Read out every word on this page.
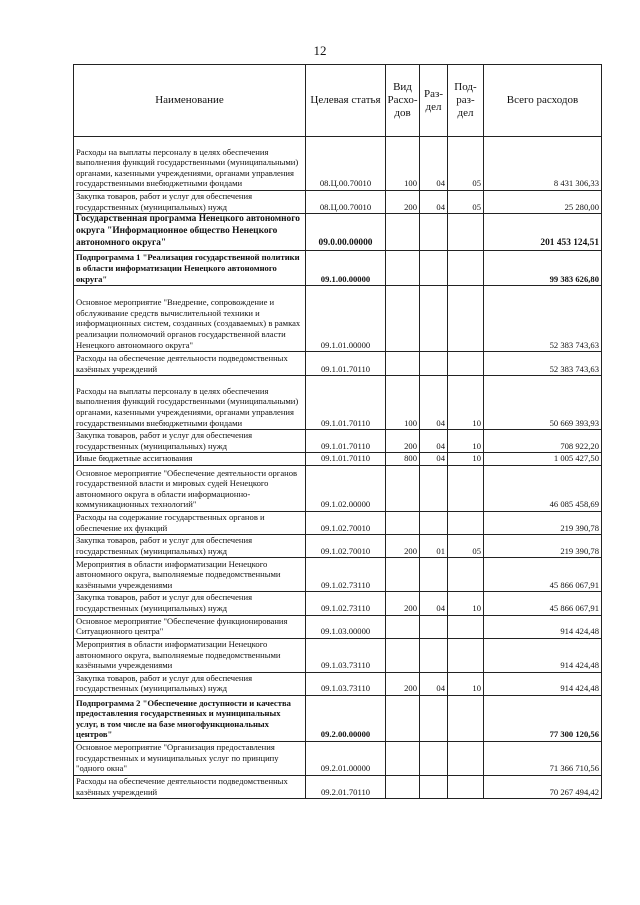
12
Наименование	Целевая статья	Вид Расхо-дов	Раз-дел	Под-раз-дел	Всего расходов
Расходы на выплаты персоналу в целях обеспечения выполнения функций государственными (муниципальными) органами, казенными учреждениями, органами управления государственными внебюджетными фондами	08.Ц.00.70010	100	04	05	8 431 306,33
Закупка товаров, работ и услуг для обеспечения государственных (муниципальных) нужд	08.Ц.00.70010	200	04	05	25 280,00
Государственная программа Ненецкого автономного округа "Информационное общество Ненецкого автономного округа"	09.0.00.00000				201 453 124,51
Подпрограмма 1 "Реализация государственной политики в области информатизации Ненецкого автономного округа"	09.1.00.00000				99 383 626,80
Основное мероприятие "Внедрение, сопровождение и обслуживание средств вычислительной техники и информационных систем, созданных (создаваемых) в рамках реализации полномочий органов государственной власти Ненецкого автономного округа"	09.1.01.00000				52 383 743,63
Расходы на обеспечение деятельности подведомственных казённых учреждений	09.1.01.70110				52 383 743,63
Расходы на выплаты персоналу в целях обеспечения выполнения функций государственными (муниципальными) органами, казенными учреждениями, органами управления государственными внебюджетными фондами	09.1.01.70110	100	04	10	50 669 393,93
Закупка товаров, работ и услуг для обеспечения государственных (муниципальных) нужд	09.1.01.70110	200	04	10	708 922,20
Иные бюджетные ассигнования	09.1.01.70110	800	04	10	1 005 427,50
Основное мероприятие "Обеспечение деятельности органов государственной власти и мировых судей Ненецкого автономного округа в области информационно-коммуникационных технологий"	09.1.02.00000				46 085 458,69
Расходы на содержание государственных органов и обеспечение их функций	09.1.02.70010				219 390,78
Закупка товаров, работ и услуг для обеспечения государственных (муниципальных) нужд	09.1.02.70010	200	01	05	219 390,78
Мероприятия в области информатизации Ненецкого автономного округа, выполняемые подведомственными казёнными учреждениями	09.1.02.73110				45 866 067,91
Закупка товаров, работ и услуг для обеспечения государственных (муниципальных) нужд	09.1.02.73110	200	04	10	45 866 067,91
Основное мероприятие "Обеспечение функционирования Ситуационного центра"	09.1.03.00000				914 424,48
Мероприятия в области информатизации Ненецкого автономного округа, выполняемые подведомственными казёнными учреждениями	09.1.03.73110				914 424,48
Закупка товаров, работ и услуг для обеспечения государственных (муниципальных) нужд	09.1.03.73110	200	04	10	914 424,48
Подпрограмма 2 "Обеспечение доступности и качества предоставления государственных и муниципальных услуг, в том числе на базе многофункциональных центров"	09.2.00.00000				77 300 120,56
Основное мероприятие "Организация предоставления государственных и муниципальных услуг по принципу "одного окна"	09.2.01.00000				71 366 710,56
Расходы на обеспечение деятельности подведомственных казённых учреждений	09.2.01.70110				70 267 494,42
